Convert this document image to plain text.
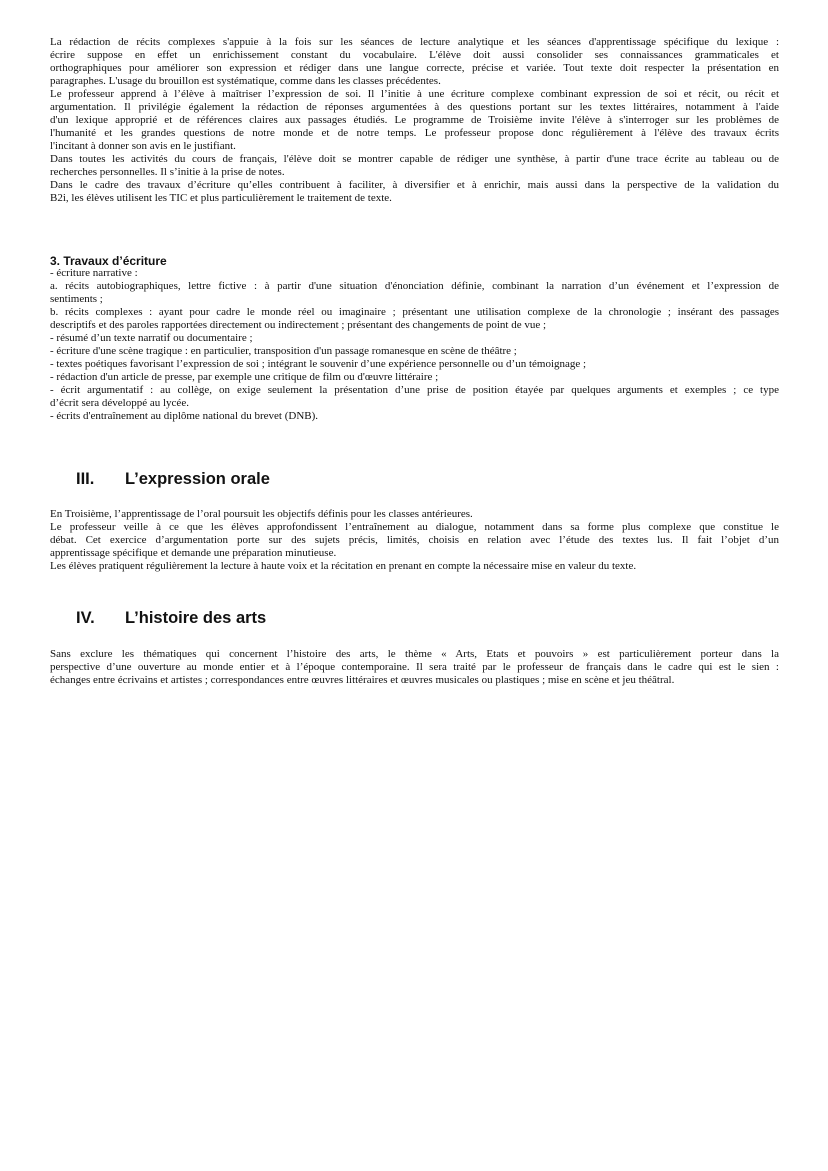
La rédaction de récits complexes s'appuie à la fois sur les séances de lecture analytique et les séances d'apprentissage spécifique du lexique :
écrire suppose en effet un enrichissement constant du vocabulaire. L'élève doit aussi consolider ses connaissances grammaticales et
orthographiques pour améliorer son expression et rédiger dans une langue correcte, précise et variée. Tout texte doit respecter la présentation en
paragraphes. L'usage du brouillon est systématique, comme dans les classes précédentes.
Le professeur apprend à l’élève à maîtriser l’expression de soi. Il l’initie à une écriture complexe combinant expression de soi et récit, ou récit et
argumentation. Il privilégie également la rédaction de réponses argumentées à des questions portant sur les textes littéraires, notamment à l'aide
d'un lexique approprié et de références claires aux passages étudiés. Le programme de Troisième invite l'élève à s'interroger sur les problèmes de
l'humanité et les grandes questions de notre monde et de notre temps. Le professeur propose donc régulièrement à l'élève des travaux écrits
l'incitant à donner son avis en le justifiant.
Dans toutes les activités du cours de français, l'élève doit se montrer capable de rédiger une synthèse, à partir d'une trace écrite au tableau ou de
recherches personnelles. Il s’initie à la prise de notes.
Dans le cadre des travaux d’écriture qu’elles contribuent à faciliter, à diversifier et à enrichir, mais aussi dans la perspective de la validation du
B2i, les élèves utilisent les TIC et plus particulièrement le traitement de texte.
3. Travaux d’écriture
- écriture narrative :
a. récits autobiographiques, lettre fictive : à partir d'une situation d'énonciation définie, combinant la narration d’un événement et l’expression de
sentiments ;
b. récits complexes : ayant pour cadre le monde réel ou imaginaire ; présentant une utilisation complexe de la chronologie ; insérant des passages
descriptifs et des paroles rapportées directement ou indirectement ; présentant des changements de point de vue ;
- résumé d’un texte narratif ou documentaire ;
- écriture d'une scène tragique : en particulier, transposition d'un passage romanesque en scène de théâtre ;
- textes poétiques favorisant l’expression de soi ; intégrant le souvenir d’une expérience personnelle ou d’un témoignage ;
- rédaction d'un article de presse, par exemple une critique de film ou d'œuvre littéraire ;
- écrit argumentatif : au collège, on exige seulement la présentation d’une prise de position étayée par quelques arguments et exemples ; ce type
d’écrit sera développé au lycée.
- écrits d'entraînement au diplôme national du brevet (DNB).
III. L’expression orale
En Troisième, l’apprentissage de l’oral poursuit les objectifs définis pour les classes antérieures.
Le professeur veille à ce que les élèves approfondissent l’entraînement au dialogue, notamment dans sa forme plus complexe que constitue le
débat. Cet exercice d’argumentation porte sur des sujets précis, limités, choisis en relation avec l’étude des textes lus. Il fait l’objet d’un
apprentissage spécifique et demande une préparation minutieuse.
Les élèves pratiquent régulièrement la lecture à haute voix et la récitation en prenant en compte la nécessaire mise en valeur du texte.
IV. L’histoire des arts
Sans exclure les thématiques qui concernent l’histoire des arts, le thème « Arts, Etats et pouvoirs » est particulièrement porteur dans la
perspective d’une ouverture au monde entier et à l’époque contemporaine. Il sera traité par le professeur de français dans le cadre qui est le sien :
échanges entre écrivains et artistes ; correspondances entre œuvres littéraires et œuvres musicales ou plastiques ; mise en scène et jeu théâtral.
